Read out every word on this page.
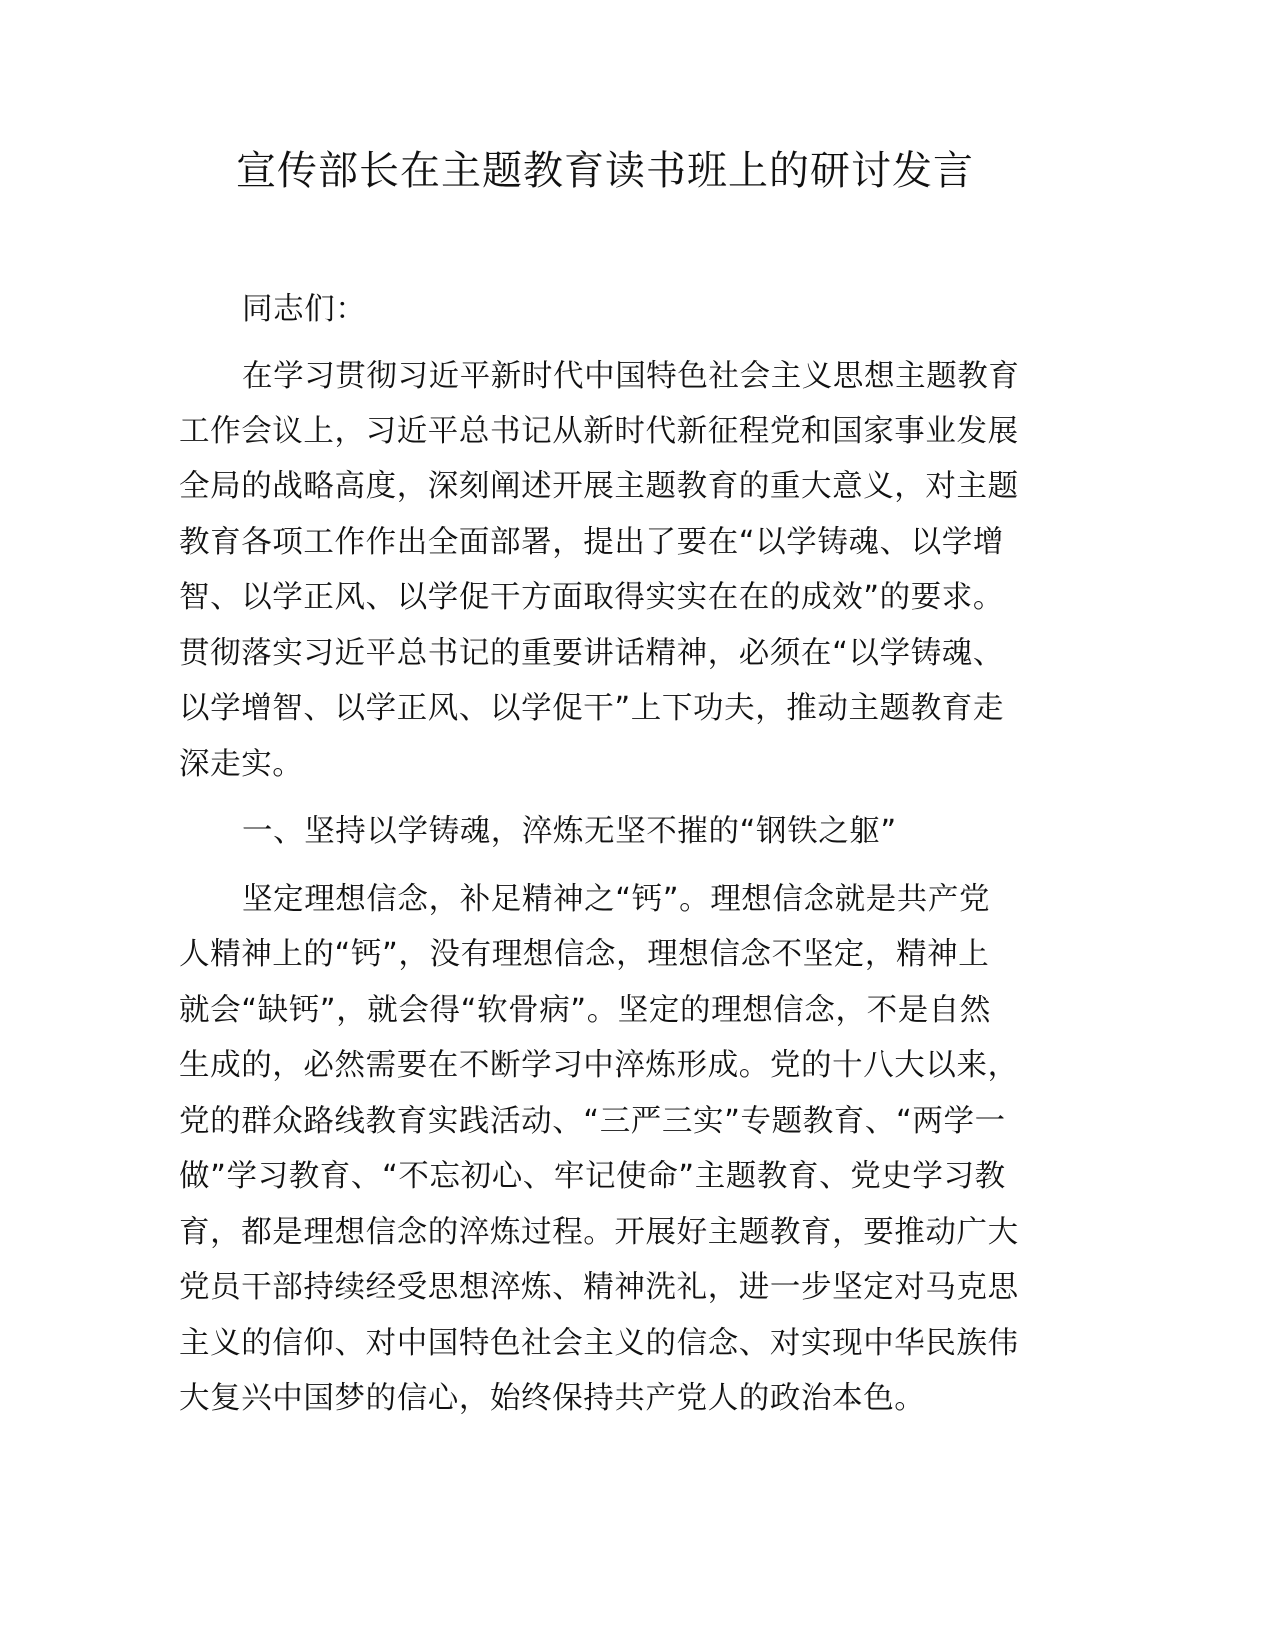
宣传部长在主题教育读书班上的研讨发言
同志们：
在学习贯彻习近平新时代中国特色社会主义思想主题教育
工作会议上，习近平总书记从新时代新征程党和国家事业发展
全局的战略高度，深刻阐述开展主题教育的重大意义，对主题
教育各项工作作出全面部署，提出了要在“以学铸魂、以学增
智、以学正风、以学促干方面取得实实在在的成效”的要求。
贯彻落实习近平总书记的重要讲话精神，必须在“以学铸魂、
以学增智、以学正风、以学促干”上下功夫，推动主题教育走
深走实。
一、坚持以学铸魂，淬炼无坚不摧的“钢铁之躯”
坚定理想信念，补足精神之“钙”。理想信念就是共产党
人精神上的“钙”，没有理想信念，理想信念不坚定，精神上
就会“缺钙”，就会得“软骨病”。坚定的理想信念，不是自然
生成的，必然需要在不断学习中淬炼形成。党的十八大以来，
党的群众路线教育实践活动、“三严三实”专题教育、“两学一
做”学习教育、“不忘初心、牢记使命”主题教育、党史学习教
育，都是理想信念的淬炼过程。开展好主题教育，要推动广大
党员干部持续经受思想淬炼、精神洗礼，进一步坚定对马克思
主义的信仰、对中国特色社会主义的信念、对实现中华民族伟
大复兴中国梦的信心，始终保持共产党人的政治本色。
